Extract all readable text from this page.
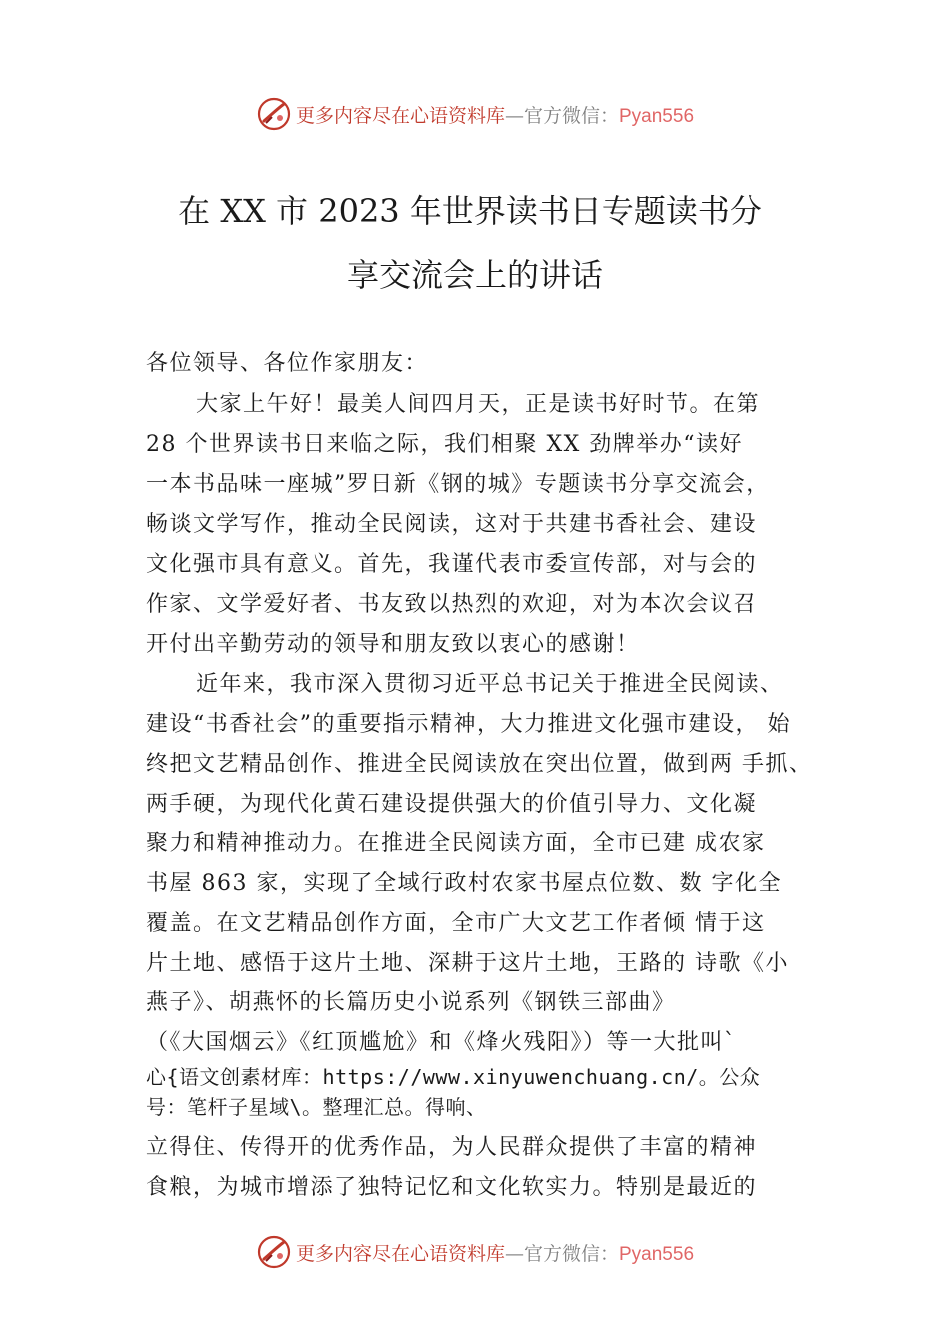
更多内容尽在心语资料库—官方微信：Pyan556
在 XX 市 2023 年世界读书日专题读书分
享交流会上的讲话

各位领导、各位作家朋友：

大家上午好！最美人间四月天，正是读书好时节。在第

28 个世界读书日来临之际，我们相聚 XX 劲牌举办“读好

一本书品味一座城”罗日新《钢的城》专题读书分享交流会，

畅谈文学写作，推动全民阅读，这对于共建书香社会、建设

文化强市具有意义。首先，我谨代表市委宣传部，对与会的

作家、文学爱好者、书友致以热烈的欢迎，对为本次会议召

开付出辛勤劳动的领导和朋友致以衷心的感谢！

近年来，我市深入贯彻习近平总书记关于推进全民阅读、

建设“书香社会”的重要指示精神，大力推进文化强市建设， 始

终把文艺精品创作、推进全民阅读放在突出位置，做到两 手抓、

两手硬，为现代化黄石建设提供强大的价值引导力、文化凝

聚力和精神推动力。在推进全民阅读方面，全市已建 成农家

书屋 863 家，实现了全域行政村农家书屋点位数、数 字化全

覆盖。在文艺精品创作方面，全市广大文艺工作者倾 情于这

片土地、感悟于这片土地、深耕于这片土地，王路的 诗歌《小

燕子》、胡燕怀的长篇历史小说系列《钢铁三部曲》

（《大国烟云》《红顶尴尬》和《烽火残阳》）等一大批叫`

心{语文创素材库：https://www.xinyuwenchuang.cn/。公众

号：笔杆子星域\。整理汇总。得响、

立得住、传得开的优秀作品，为人民群众提供了丰富的精神

食粮，为城市增添了独特记忆和文化软实力。特别是最近的

更多内容尽在心语资料库—官方微信：Pyan556
